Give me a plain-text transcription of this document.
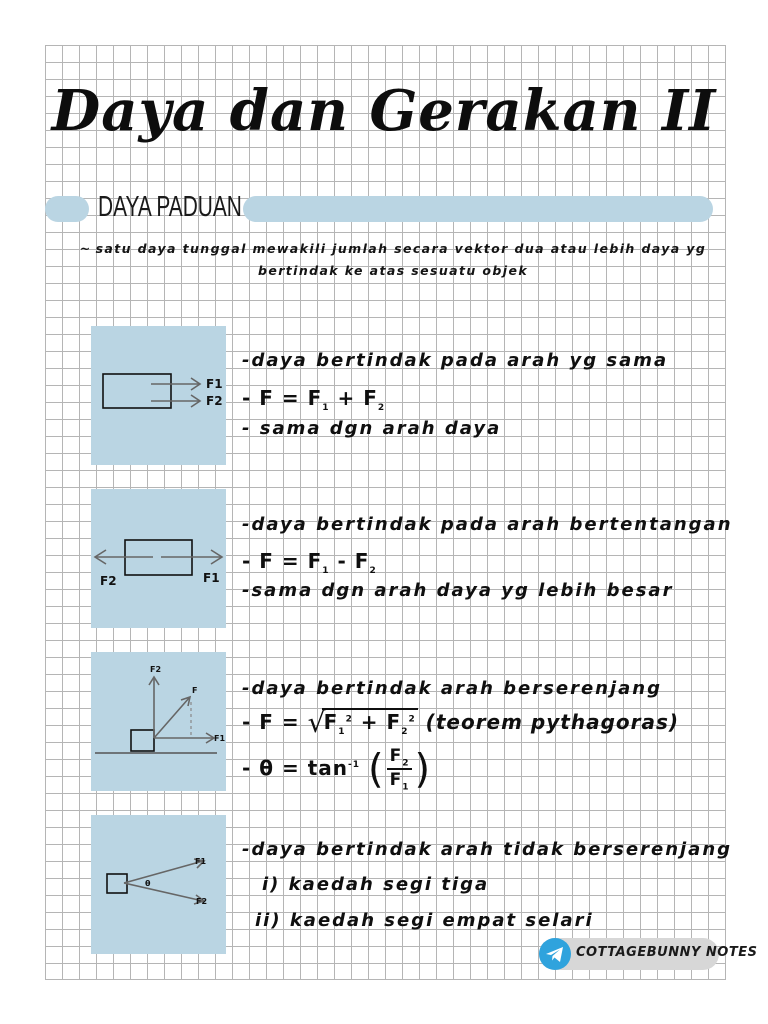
Daya dan Gerakan II
DAYA PADUAN
~ satu daya tunggal mewakili jumlah secara vektor dua atau lebih daya yg
bertindak ke atas sesuatu objek
F1
F2
-daya bertindak pada arah yg sama
- $F = F_1 + F_2$
- sama dgn arah daya
F1
F2
-daya bertindak pada arah bertentangan
- $F = F_1 - F_2$
-sama dgn arah daya yg lebih besar
F2
F
F1
-daya bertindak arah berserenjang
- F = √
$F_1^2 + F_2^2$ (teorem pythagoras)
- $\theta = \tan^{-1}$ ( $\frac{F_2}{F_1}$ )
θ
F1
F2
-daya bertindak arah tidak berserenjang
i) kaedah segi tiga
ii) kaedah segi empat selari
COTTAGEBUNNY NOTES
